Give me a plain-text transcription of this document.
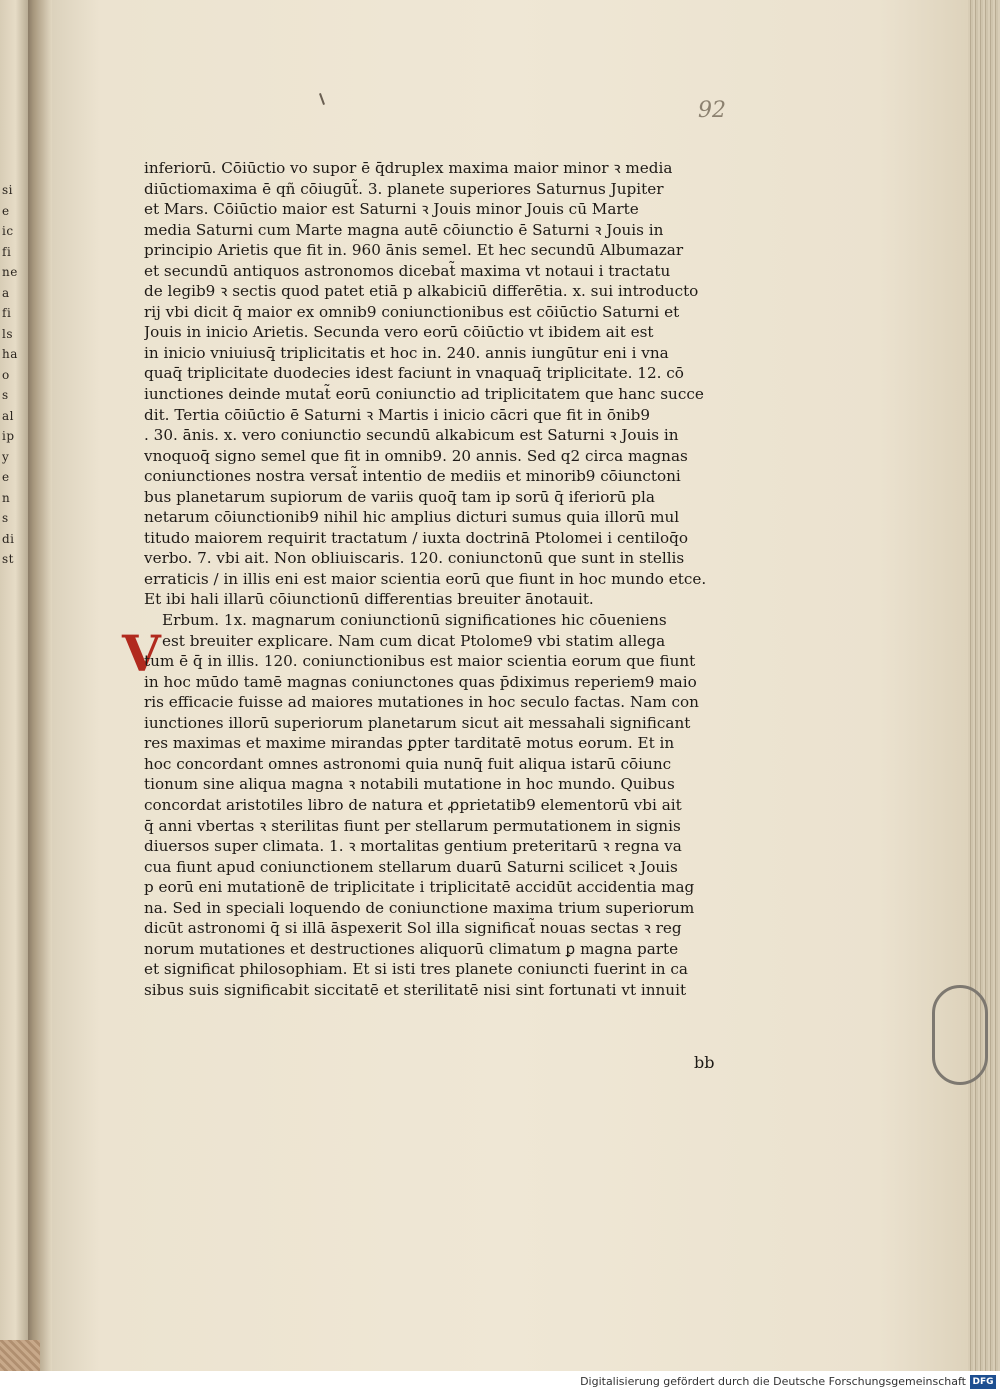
si
e
ic
fi
ne
a
fi
ls
ha
o
s
al
ip
y
e
n
s
di
st
92
V
inferiorū. Cōiūctio vo supor ē q̄druplex maxima maior minor ꝛ media
diūctiomaxima ē qñ cōiugūt̃. 3. planete superiores Saturnus Jupiter
et Mars. Cōiūctio maior est Saturni ꝛ Jouis minor Jouis cū Marte
media Saturni cum Marte magna autē cōiunctio ē Saturni ꝛ Jouis in
principio Arietis que fit in. 960 ānis semel. Et hec secundū Albumazar
et secundū antiquos astronomos dicebat̃ maxima vt notaui i tractatu
de legib9 ꝛ sectis quod patet etiā p alkabiciū differētia. x. sui introducto
rij vbi dicit q̄ maior ex omnib9 coniunctionibus est cōiūctio Saturni et
Jouis in inicio Arietis. Secunda vero eorū cōiūctio vt ibidem ait est
in inicio vniuiusq̄ triplicitatis et hoc in. 240. annis iungūtur eni i vna
quaq̄ triplicitate duodecies idest faciunt in vnaquaq̄ triplicitate. 12. cō
iunctiones deinde mutat̃ eorū coniunctio ad triplicitatem que hanc succe
dit. Tertia cōiūctio ē Saturni ꝛ Martis i inicio cācri que fit in ōnib9
. 30. ānis. x. vero coniunctio secundū alkabicum est Saturni ꝛ Jouis in
vnoquoq̄ signo semel que fit in omnib9. 20 annis. Sed q2 circa magnas
coniunctiones nostra versat̃ intentio de mediis et minorib9 cōiunctoni
bus planetarum supiorum de variis quoq̄ tam ip sorū q̄ iferiorū pla
netarum cōiunctionib9 nihil hic amplius dicturi sumus quia illorū mul
titudo maiorem requirit tractatum / iuxta doctrinā Ptolomei i centiloq̄o
verbo. 7. vbi ait. Non obliuiscaris. 120. coniunctonū que sunt in stellis
erraticis / in illis eni est maior scientia eorū que fiunt in hoc mundo etce.
Et ibi hali illarū cōiunctionū differentias breuiter ānotauit.
Erbum. 1x. magnarum coniunctionū significationes hic cōueniens
est breuiter explicare. Nam cum dicat Ptolome9 vbi statim allega
tum ē q̄ in illis. 120. coniunctionibus est maior scientia eorum que fiunt
in hoc mūdo tamē magnas coniunctones quas p̄diximus reperiem9 maio
ris efficacie fuisse ad maiores mutationes in hoc seculo factas. Nam con
iunctiones illorū superiorum planetarum sicut ait messahali significant
res maximas et maxime mirandas ꝑpter tarditatē motus eorum. Et in
hoc concordant omnes astronomi quia nunq̄ fuit aliqua istarū cōiunc
tionum sine aliqua magna ꝛ notabili mutatione in hoc mundo. Quibus
concordat aristotiles libro de natura et ꝓprietatib9 elementorū vbi ait
q̄ anni vbertas ꝛ sterilitas fiunt per stellarum permutationem in signis
diuersos super climata. 1. ꝛ mortalitas gentium preteritarū ꝛ regna va
cua fiunt apud coniunctionem stellarum duarū Saturni scilicet ꝛ Jouis
p eorū eni mutationē de triplicitate i triplicitatē accidūt accidentia mag
na. Sed in speciali loquendo de coniunctione maxima trium superiorum
dicūt astronomi q̄ si illā āspexerit Sol illa significat̃ nouas sectas ꝛ reg
norum mutationes et destructiones aliquorū climatum ꝑ magna parte
et significat philosophiam. Et si isti tres planete coniuncti fuerint in ca
sibus suis significabit siccitatē et sterilitatē nisi sint fortunati vt innuit
bb
Digitalisierung gefördert durch die Deutsche Forschungsgemeinschaft DFG
